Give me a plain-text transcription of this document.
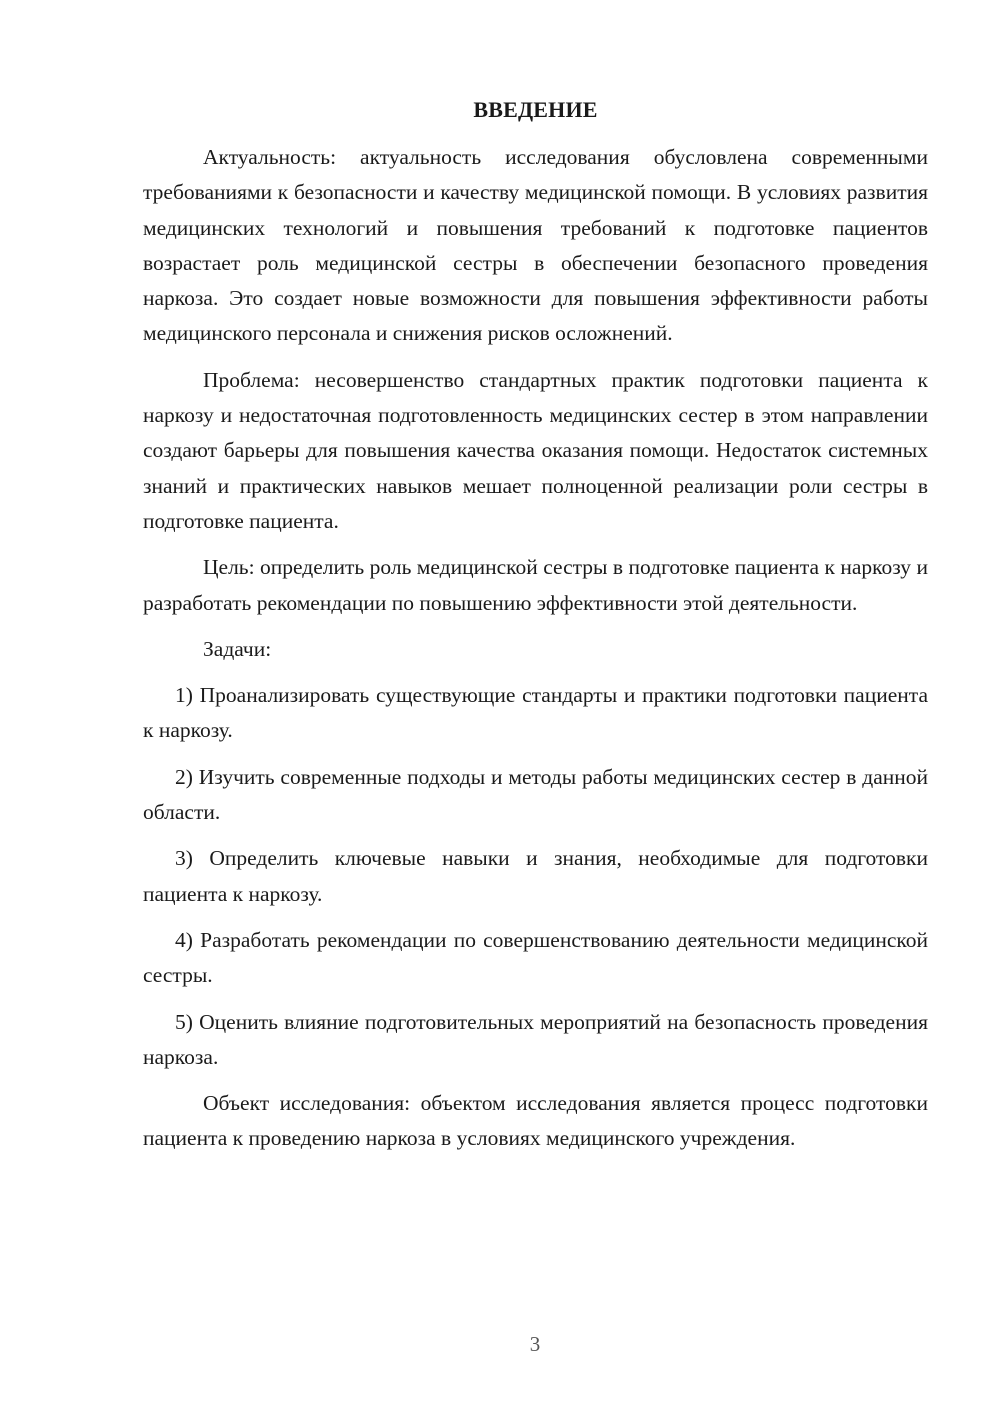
ВВЕДЕНИЕ

Актуальность: актуальность исследования обусловлена современными требованиями к безопасности и качеству медицинской помощи. В условиях развития медицинских технологий и повышения требований к подготовке пациентов возрастает роль медицинской сестры в обеспечении безопасного проведения наркоза. Это создает новые возможности для повышения эффективности работы медицинского персонала и снижения рисков осложнений.

Проблема: несовершенство стандартных практик подготовки пациента к наркозу и недостаточная подготовленность медицинских сестер в этом направлении создают барьеры для повышения качества оказания помощи. Недостаток системных знаний и практических навыков мешает полноценной реализации роли сестры в подготовке пациента.

Цель: определить роль медицинской сестры в подготовке пациента к наркозу и разработать рекомендации по повышению эффективности этой деятельности.

Задачи:

1) Проанализировать существующие стандарты и практики подготовки пациента к наркозу.

2) Изучить современные подходы и методы работы медицинских сестер в данной области.

3) Определить ключевые навыки и знания, необходимые для подготовки пациента к наркозу.

4) Разработать рекомендации по совершенствованию деятельности медицинской сестры.

5) Оценить влияние подготовительных мероприятий на безопасность проведения наркоза.

Объект исследования: объектом исследования является процесс подготовки пациента к проведению наркоза в условиях медицинского учреждения.

3
